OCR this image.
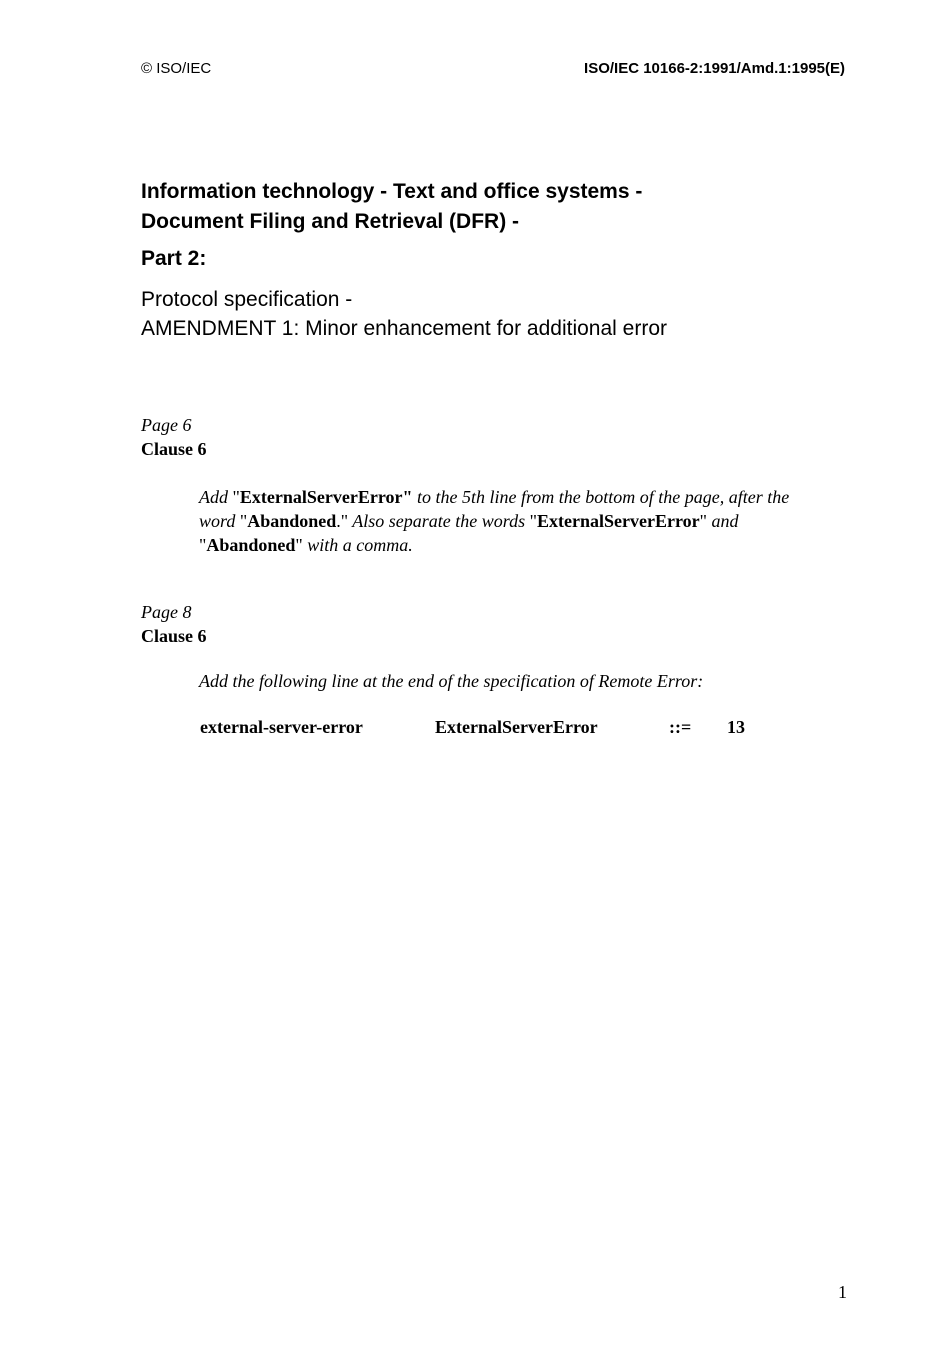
© ISO/IEC	ISO/IEC 10166-2:1991/Amd.1:1995(E)
Information technology - Text and office systems -
Document Filing and Retrieval (DFR) -
Part 2:
Protocol specification -
AMENDMENT 1: Minor enhancement for additional error
Page 6
Clause 6
Add "ExternalServerError" to the 5th line from the bottom of the page, after the word "Abandoned." Also separate the words "ExternalServerError" and "Abandoned" with a comma.
Page 8
Clause 6
Add the following line at the end of the specification of Remote Error:
external-server-error	ExternalServerError	::= 13
1
